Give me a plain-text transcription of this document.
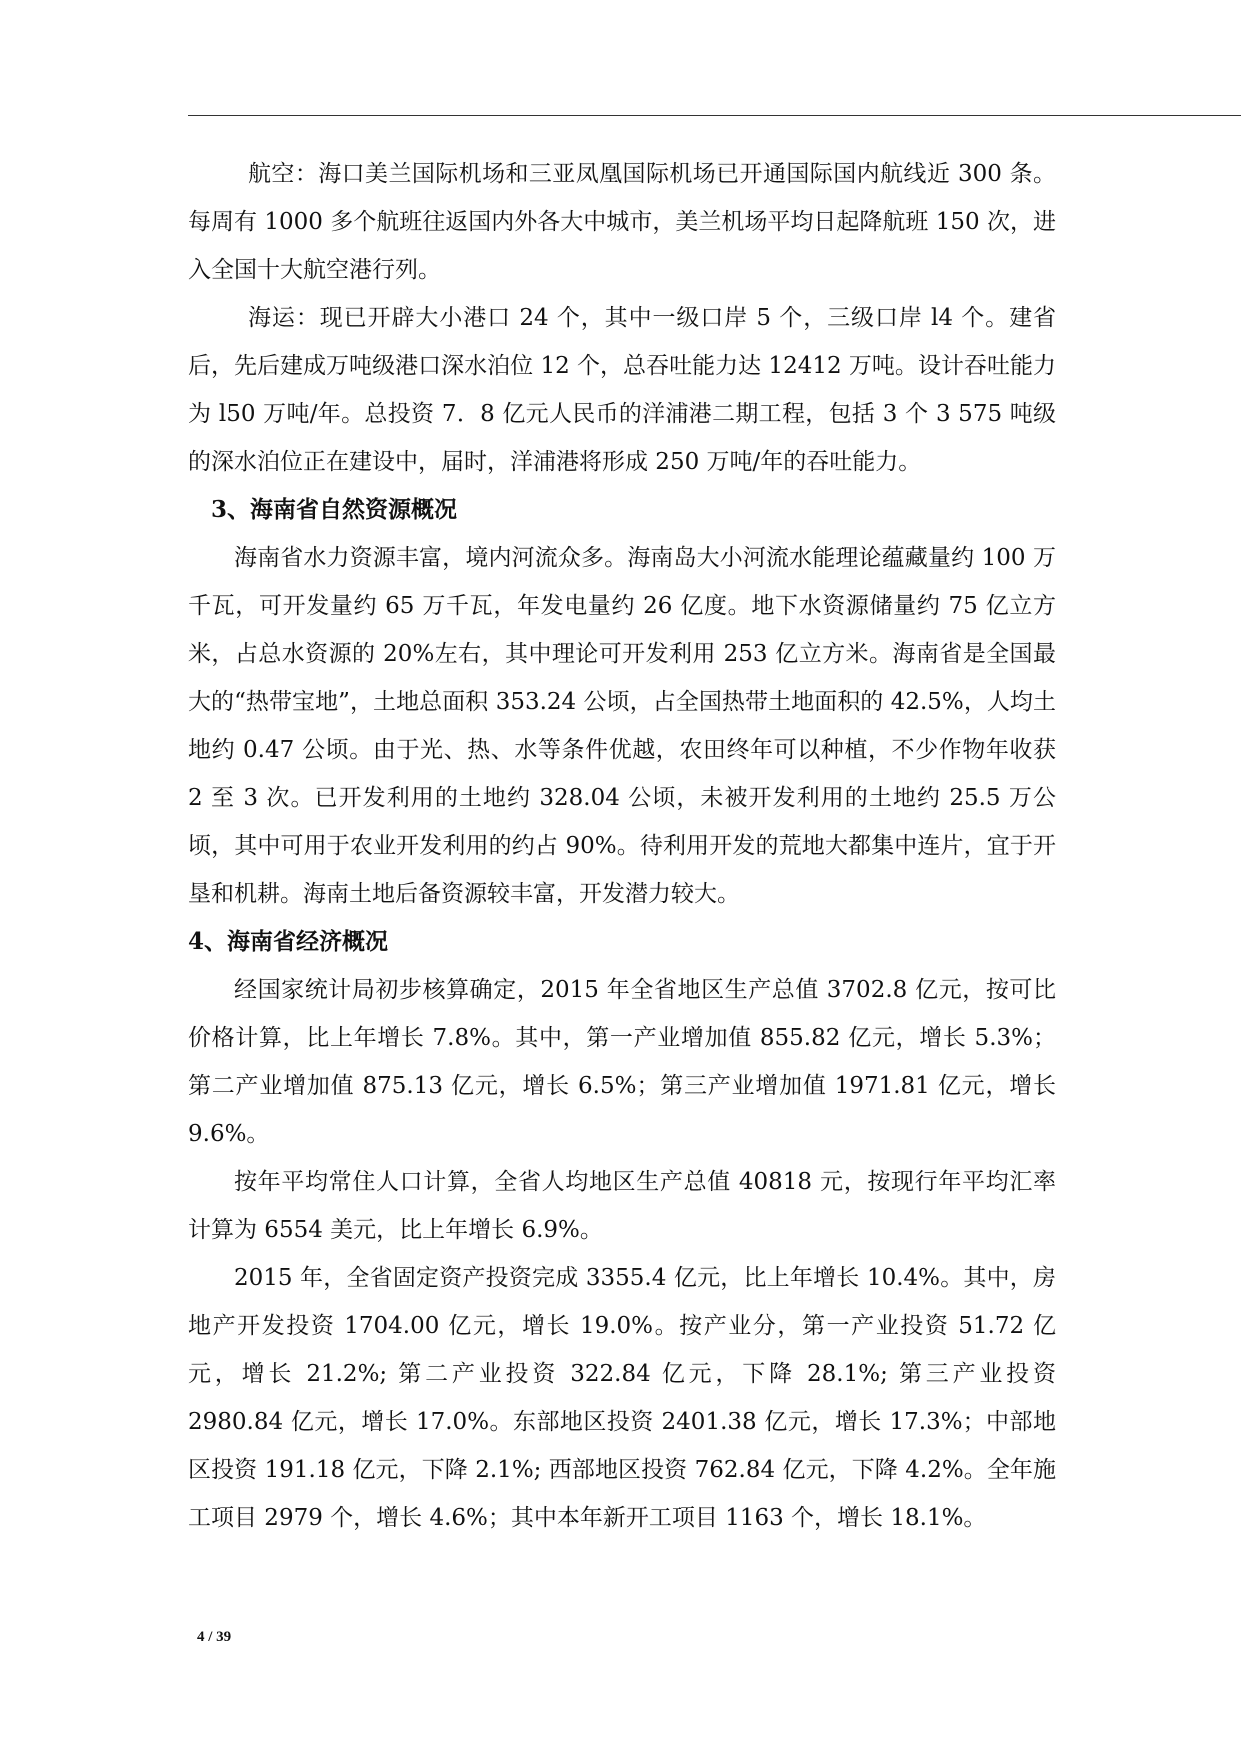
航空：海口美兰国际机场和三亚凤凰国际机场已开通国际国内航线近 300 条。每周有 1000 多个航班往返国内外各大中城市，美兰机场平均日起降航班 150 次，进入全国十大航空港行列。

海运：现已开辟大小港口 24 个，其中一级口岸 5 个，三级口岸 l4 个。建省后，先后建成万吨级港口深水泊位 12 个，总吞吐能力达 12412 万吨。设计吞吐能力为 l50 万吨/年。总投资 7．8 亿元人民币的洋浦港二期工程，包括 3 个 3 575 吨级的深水泊位正在建设中，届时，洋浦港将形成 250 万吨/年的吞吐能力。

3、海南省自然资源概况

海南省水力资源丰富，境内河流众多。海南岛大小河流水能理论蕴藏量约 100 万千瓦，可开发量约 65 万千瓦，年发电量约 26 亿度。地下水资源储量约 75 亿立方米，占总水资源的 20%左右，其中理论可开发利用 253 亿立方米。海南省是全国最大的“热带宝地”，土地总面积 353.24 公顷，占全国热带土地面积的 42.5%，人均土地约 0.47 公顷。由于光、热、水等条件优越，农田终年可以种植，不少作物年收获 2 至 3 次。已开发利用的土地约 328.04 公顷，未被开发利用的土地约 25.5 万公顷，其中可用于农业开发利用的约占 90%。待利用开发的荒地大都集中连片，宜于开垦和机耕。海南土地后备资源较丰富，开发潜力较大。

4、海南省经济概况

经国家统计局初步核算确定，2015 年全省地区生产总值 3702.8 亿元，按可比价格计算，比上年增长 7.8%。其中，第一产业增加值 855.82 亿元，增长 5.3%；第二产业增加值 875.13 亿元，增长 6.5%；第三产业增加值 1971.81 亿元，增长 9.6%。

按年平均常住人口计算，全省人均地区生产总值 40818 元，按现行年平均汇率计算为 6554 美元，比上年增长 6.9%。

2015 年，全省固定资产投资完成 3355.4 亿元，比上年增长 10.4%。其中，房地产开发投资 1704.00 亿元，增长 19.0%。按产业分，第一产业投资 51.72 亿元，增长 21.2%; 第二产业投资 322.84 亿元，下降 28.1%; 第三产业投资 2980.84 亿元，增长 17.0%。东部地区投资 2401.38 亿元，增长 17.3%；中部地区投资 191.18 亿元，下降 2.1%; 西部地区投资 762.84 亿元，下降 4.2%。全年施工项目 2979 个，增长 4.6%；其中本年新开工项目 1163 个，增长 18.1%。

4 / 39
